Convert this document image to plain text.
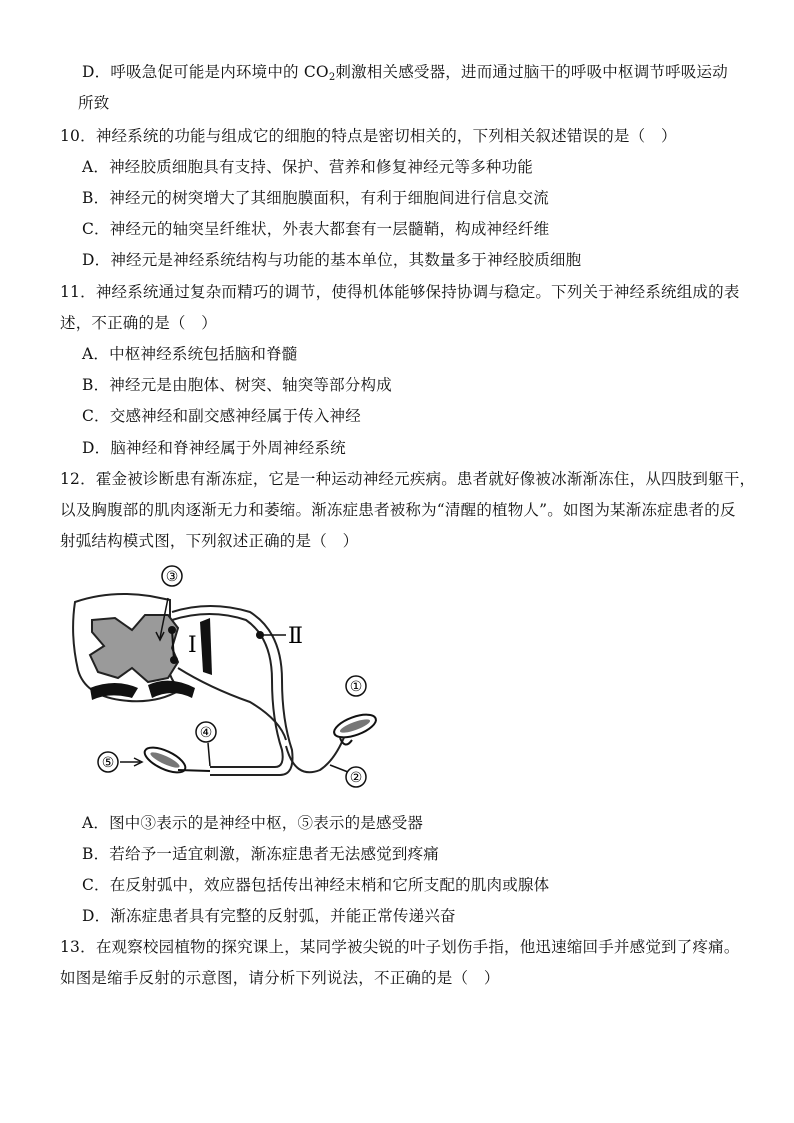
D．呼吸急促可能是内环境中的 $CO_2$刺激相关感受器，进而通过脑干的呼吸中枢调节呼吸运动
所致
10．神经系统的功能与组成它的细胞的特点是密切相关的，下列相关叙述错误的是（　）
A．神经胶质细胞具有支持、保护、营养和修复神经元等多种功能
B．神经元的树突增大了其细胞膜面积，有利于细胞间进行信息交流
C．神经元的轴突呈纤维状，外表大都套有一层髓鞘，构成神经纤维
D．神经元是神经系统结构与功能的基本单位，其数量多于神经胶质细胞
11．神经系统通过复杂而精巧的调节，使得机体能够保持协调与稳定。下列关于神经系统组成的表
述，不正确的是（　）
A．中枢神经系统包括脑和脊髓
B．神经元是由胞体、树突、轴突等部分构成
C．交感神经和副交感神经属于传入神经
D．脑神经和脊神经属于外周神经系统
12．霍金被诊断患有渐冻症，它是一种运动神经元疾病。患者就好像被冰渐渐冻住，从四肢到躯干，
以及胸腹部的肌肉逐渐无力和萎缩。渐冻症患者被称为“清醒的植物人”。如图为某渐冻症患者的反
射弧结构模式图，下列叙述正确的是（　）
③
I	Ⅱ
①
②
⑤
④
A．图中③表示的是神经中枢，⑤表示的是感受器
B．若给予一适宜刺激，渐冻症患者无法感觉到疼痛
C．在反射弧中，效应器包括传出神经末梢和它所支配的肌肉或腺体
D．渐冻症患者具有完整的反射弧，并能正常传递兴奋
13．在观察校园植物的探究课上，某同学被尖锐的叶子划伤手指，他迅速缩回手并感觉到了疼痛。
如图是缩手反射的示意图，请分析下列说法，不正确的是（　）
